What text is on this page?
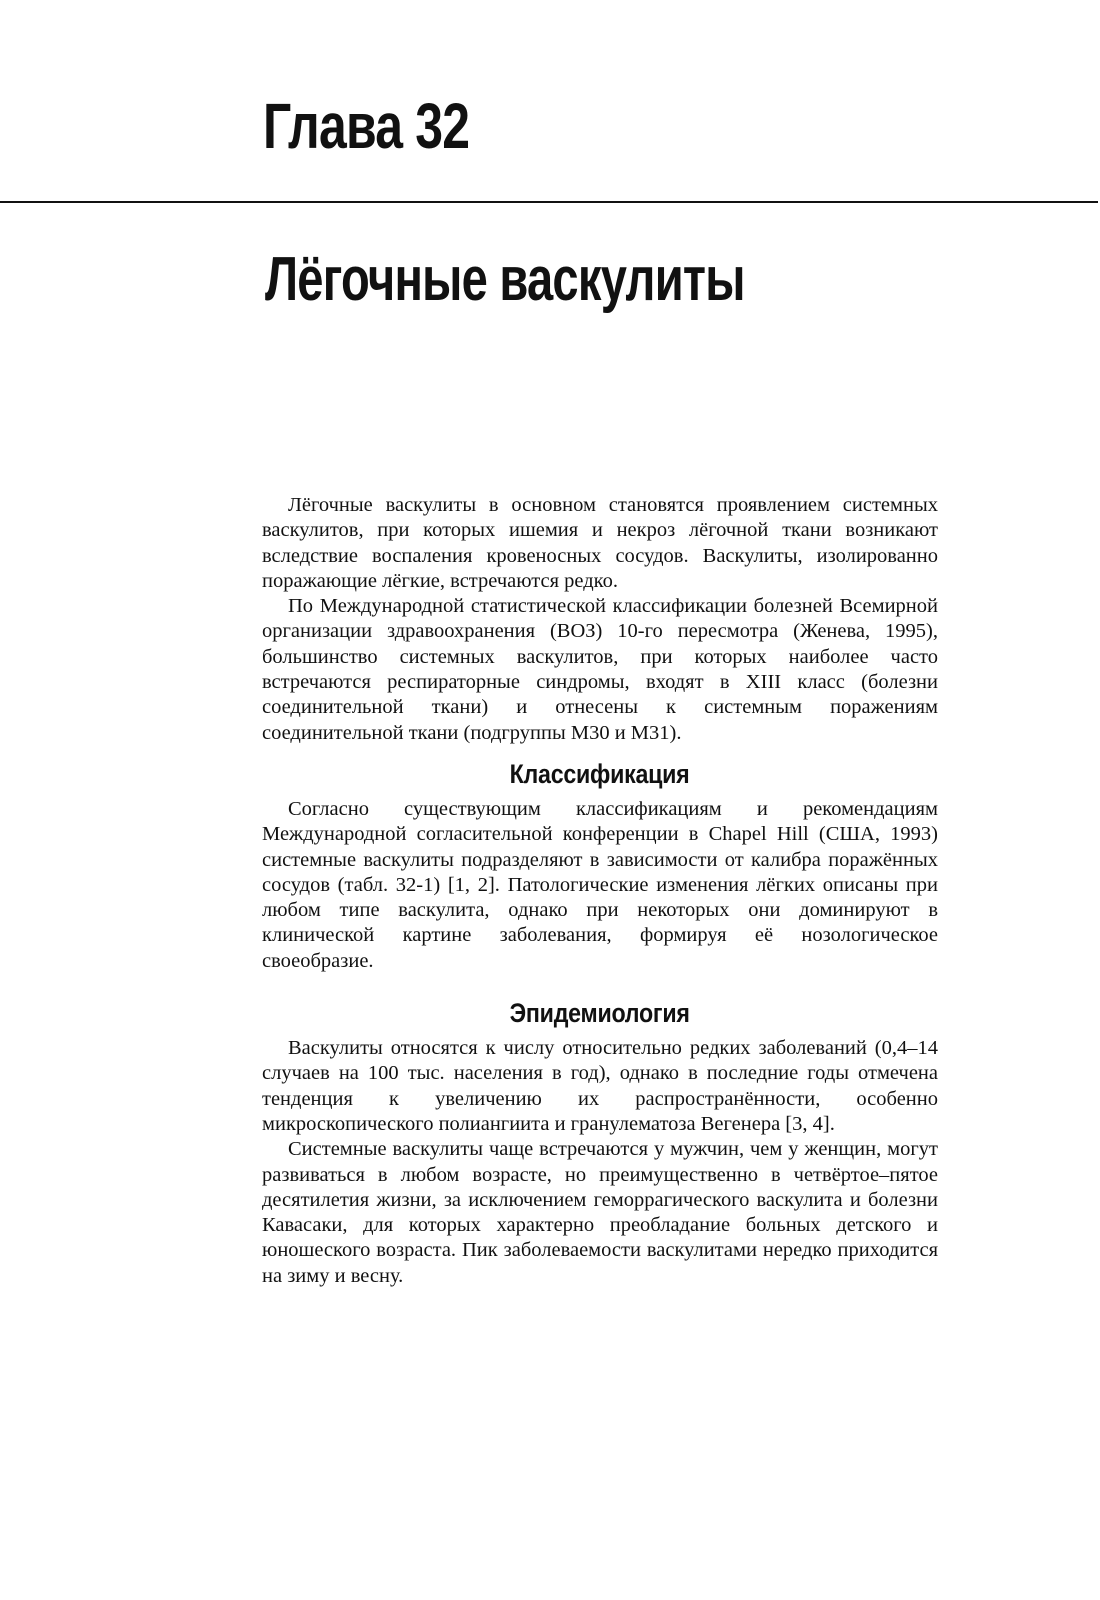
Глава 32
Лёгочные васкулиты

Лёгочные васкулиты в основном становятся проявлением системных васкулитов, при которых ишемия и некроз лёгочной ткани возникают вследствие воспаления кровеносных сосудов. Васкулиты, изолированно поражающие лёгкие, встречаются редко.

По Международной статистической классификации болезней Всемирной организации здравоохранения (ВОЗ) 10-го пересмотра (Женева, 1995), большинство системных васкулитов, при которых наиболее часто встречаются респираторные синдромы, входят в XIII класс (болезни соединительной ткани) и отнесены к системным поражениям соединительной ткани (подгруппы М30 и М31).

Классификация

Согласно существующим классификациям и рекомендациям Международной согласительной конференции в Chapel Hill (США, 1993) системные васкулиты подразделяют в зависимости от калибра поражённых сосудов (табл. 32-1) [1, 2]. Патологические изменения лёгких описаны при любом типе васкулита, однако при некоторых они доминируют в клинической картине заболевания, формируя её нозологическое своеобразие.

Эпидемиология

Васкулиты относятся к числу относительно редких заболеваний (0,4–14 случаев на 100 тыс. населения в год), однако в последние годы отмечена тенденция к увеличению их распространённости, особенно микроскопического полиангиита и гранулематоза Вегенера [3, 4].

Системные васкулиты чаще встречаются у мужчин, чем у женщин, могут развиваться в любом возрасте, но преимущественно в четвёртое–пятое десятилетия жизни, за исключением геморрагического васкулита и болезни Кавасаки, для которых характерно преобладание больных детского и юношеского возраста. Пик заболеваемости васкулитами нередко приходится на зиму и весну.
